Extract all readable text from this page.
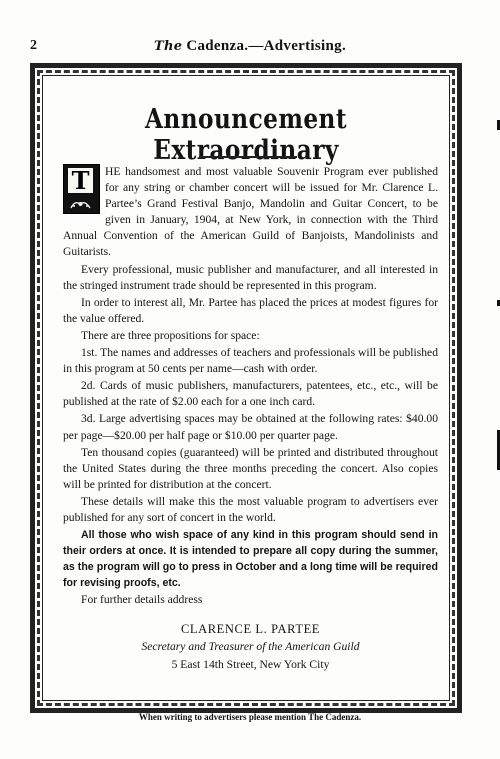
2	The Cadenza.—Advertising.
Announcement Extraordinary

HE handsomest and most valuable Souvenir Program ever published for any string or chamber concert will be issued for Mr. Clarence L. Partee’s Grand Festival Banjo, Mandolin and Guitar Concert, to be given in January, 1904, at New York, in connection with the Third Annual Convention of the American Guild of Banjoists, Mandolinists and Guitarists.

Every professional, music publisher and manufacturer, and all interested in the stringed instrument trade should be represented in this program.

In order to interest all, Mr. Partee has placed the prices at modest figures for the value offered.

There are three propositions for space:

1st. The names and addresses of teachers and professionals will be published in this program at 50 cents per name—cash with order.

2d. Cards of music publishers, manufacturers, patentees, etc., etc., will be published at the rate of $2.00 each for a one inch card.

3d. Large advertising spaces may be obtained at the following rates: $40.00 per page—$20.00 per half page or $10.00 per quarter page.

Ten thousand copies (guaranteed) will be printed and distributed throughout the United States during the three months preceding the concert. Also copies will be printed for distribution at the concert.

These details will make this the most valuable program to advertisers ever published for any sort of concert in the world.

All those who wish space of any kind in this program should send in their orders at once. It is intended to prepare all copy during the summer, as the program will go to press in October and a long time will be required for revising proofs, etc.

For further details address

CLARENCE L. PARTEE
Secretary and Treasurer of the American Guild
5 East 14th Street, New York City
T
When writing to advertisers please mention The Cadenza.
